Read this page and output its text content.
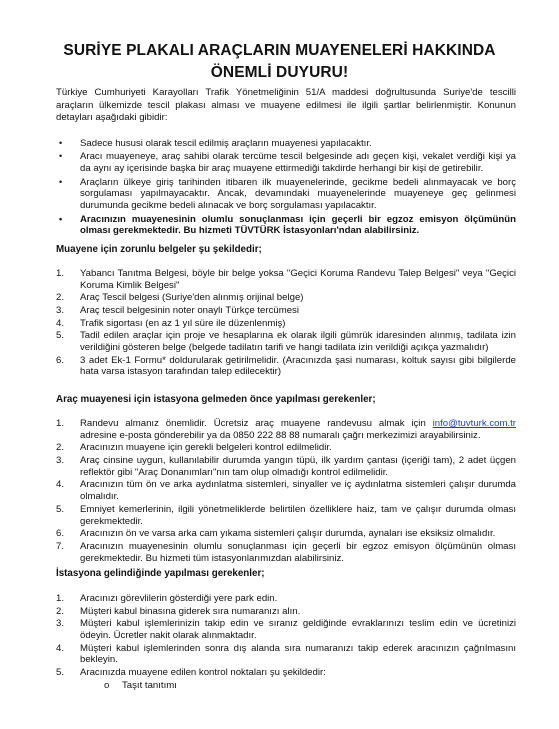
SURİYE PLAKALI ARAÇLARIN MUAYENELERİ HAKKINDA
ÖNEMLİ DUYURU!

Türkiye Cumhuriyeti Karayolları Trafik Yönetmeliğinin 51/A maddesi doğrultusunda Suriye'de tescilli araçların ülkemizde tescil plakası alması ve muayene edilmesi ile ilgili şartlar belirlenmiştir. Konunun detayları aşağıdaki gibidir:

• Sadece hususi olarak tescil edilmiş araçların muayenesi yapılacaktır.
• Aracı muayeneye, araç sahibi olarak tercüme tescil belgesinde adı geçen kişi, vekalet verdiği kişi ya da aynı ay içerisinde başka bir araç muayene ettirmediği takdirde herhangi bir kişi de getirebilir.
• Araçların ülkeye giriş tarihinden itibaren ilk muayenelerinde, gecikme bedeli alınmayacak ve borç sorgulaması yapılmayacaktır. Ancak, devamındaki muayenelerinde muayeneye geç gelinmesi durumunda gecikme bedeli alınacak ve borç sorgulaması yapılacaktır.
• Aracınızın muayenesinin olumlu sonuçlanması için geçerli bir egzoz emisyon ölçümünün olması gerekmektedir. Bu hizmeti TÜVTÜRK İstasyonları'ndan alabilirsiniz.
Muayene için zorunlu belgeler şu şekildedir;
1. Yabancı Tanıtma Belgesi, böyle bir belge yoksa "Geçici Koruma Randevu Talep Belgesi" veya "Geçici Koruma Kimlik Belgesi"
2. Araç Tescil belgesi (Suriye'den alınmış orijinal belge)
3. Araç tescil belgesinin noter onaylı Türkçe tercümesi
4. Trafik sigortası (en az 1 yıl süre ile düzenlenmiş)
5. Tadil edilen araçlar için proje ve hesaplarına ek olarak ilgili gümrük idaresinden alınmış, tadilata izin verildiğini gösteren belge (belgede tadilatın tarifi ve hangi tadilata izin verildiği açıkça yazmalıdır)
6. 3 adet Ek-1 Formu* doldurularak getirilmelidir. (Aracınızda şasi numarası, koltuk sayısı gibi bilgilerde hata varsa istasyon tarafından talep edilecektir)
Araç muayenesi için istasyona gelmeden önce yapılması gerekenler;
1. Randevu almanız önemlidir. Ücretsiz araç muayene randevusu almak için info@tuvturk.com.tr adresine e-posta gönderebilir ya da 0850 222 88 88 numaralı çağrı merkezimizi arayabilirsiniz.
2. Aracınızın muayene için gerekli belgeleri kontrol edilmelidir.
3. Araç cinsine uygun, kullanılabilir durumda yangın tüpü, ilk yardım çantası (içeriği tam), 2 adet üçgen reflektör gibi "Araç Donanımları"nın tam olup olmadığı kontrol edilmelidir.
4. Aracınızın tüm ön ve arka aydınlatma sistemleri, sinyaller ve iç aydınlatma sistemleri çalışır durumda olmalıdır.
5. Emniyet kemerlerinin, ilgili yönetmeliklerde belirtilen özelliklere haiz, tam ve çalışır durumda olması gerekmektedir.
6. Aracınızın ön ve varsa arka cam yıkama sistemleri çalışır durumda, aynaları ise eksiksiz olmalıdır.
7. Aracınızın muayenesinin olumlu sonuçlanması için geçerli bir egzoz emisyon ölçümünün olması gerekmektedir. Bu hizmeti tüm istasyonlarımızdan alabilirsiniz.
İstasyona gelindiğinde yapılması gerekenler;
1. Aracınızı görevlilerin gösterdiği yere park edin.
2. Müşteri kabul binasına giderek sıra numaranızı alın.
3. Müşteri kabul işlemlerinizin takip edin ve sıranız geldiğinde evraklarınızı teslim edin ve ücretinizi ödeyin. Ücretler nakit olarak alınmaktadır.
4. Müşteri kabul işlemlerinden sonra dış alanda sıra numaranızı takip ederek aracınızın çağrılmasını bekleyin.
5. Aracınızda muayene edilen kontrol noktaları şu şekildedir:
o Taşıt tanıtımı
